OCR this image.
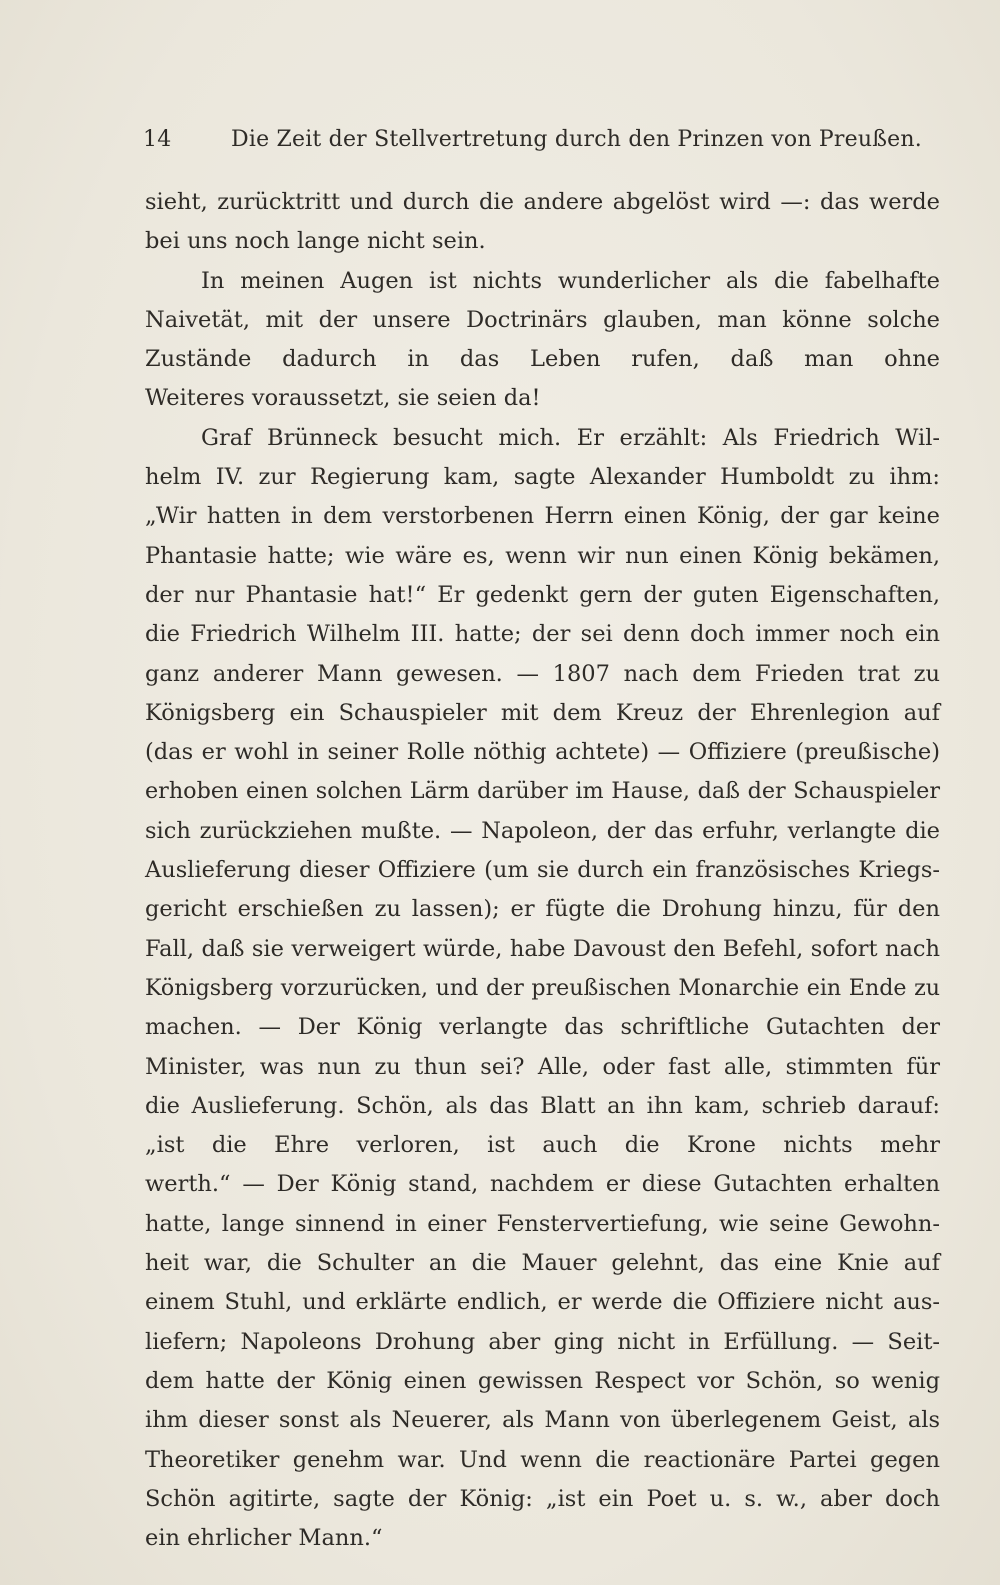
14	Die Zeit der Stellvertretung durch den Prinzen von Preußen.
sieht, zurücktritt und durch die andere abgelöst wird —: das werde
bei uns noch lange nicht sein.
In meinen Augen ist nichts wunderlicher als die fabelhafte
Naivetät, mit der unsere Doctrinärs glauben, man könne solche
Zustände dadurch in das Leben rufen, daß man ohne
Weiteres voraussetzt, sie seien da!
Graf Brünneck besucht mich. Er erzählt: Als Friedrich Wil-
helm IV. zur Regierung kam, sagte Alexander Humboldt zu ihm:
„Wir hatten in dem verstorbenen Herrn einen König, der gar keine
Phantasie hatte; wie wäre es, wenn wir nun einen König bekämen,
der nur Phantasie hat!“ Er gedenkt gern der guten Eigenschaften,
die Friedrich Wilhelm III. hatte; der sei denn doch immer noch ein
ganz anderer Mann gewesen. — 1807 nach dem Frieden trat zu
Königsberg ein Schauspieler mit dem Kreuz der Ehrenlegion auf
(das er wohl in seiner Rolle nöthig achtete) — Offiziere (preußische)
erhoben einen solchen Lärm darüber im Hause, daß der Schauspieler
sich zurückziehen mußte. — Napoleon, der das erfuhr, verlangte die
Auslieferung dieser Offiziere (um sie durch ein französisches Kriegs-
gericht erschießen zu lassen); er fügte die Drohung hinzu, für den
Fall, daß sie verweigert würde, habe Davoust den Befehl, sofort nach
Königsberg vorzurücken, und der preußischen Monarchie ein Ende zu
machen. — Der König verlangte das schriftliche Gutachten der
Minister, was nun zu thun sei? Alle, oder fast alle, stimmten für
die Auslieferung. Schön, als das Blatt an ihn kam, schrieb darauf:
„ist die Ehre verloren, ist auch die Krone nichts mehr
werth.“ — Der König stand, nachdem er diese Gutachten erhalten
hatte, lange sinnend in einer Fenstervertiefung, wie seine Gewohn-
heit war, die Schulter an die Mauer gelehnt, das eine Knie auf
einem Stuhl, und erklärte endlich, er werde die Offiziere nicht aus-
liefern; Napoleons Drohung aber ging nicht in Erfüllung. — Seit-
dem hatte der König einen gewissen Respect vor Schön, so wenig
ihm dieser sonst als Neuerer, als Mann von überlegenem Geist, als
Theoretiker genehm war. Und wenn die reactionäre Partei gegen
Schön agitirte, sagte der König: „ist ein Poet u. s. w., aber doch
ein ehrlicher Mann.“
